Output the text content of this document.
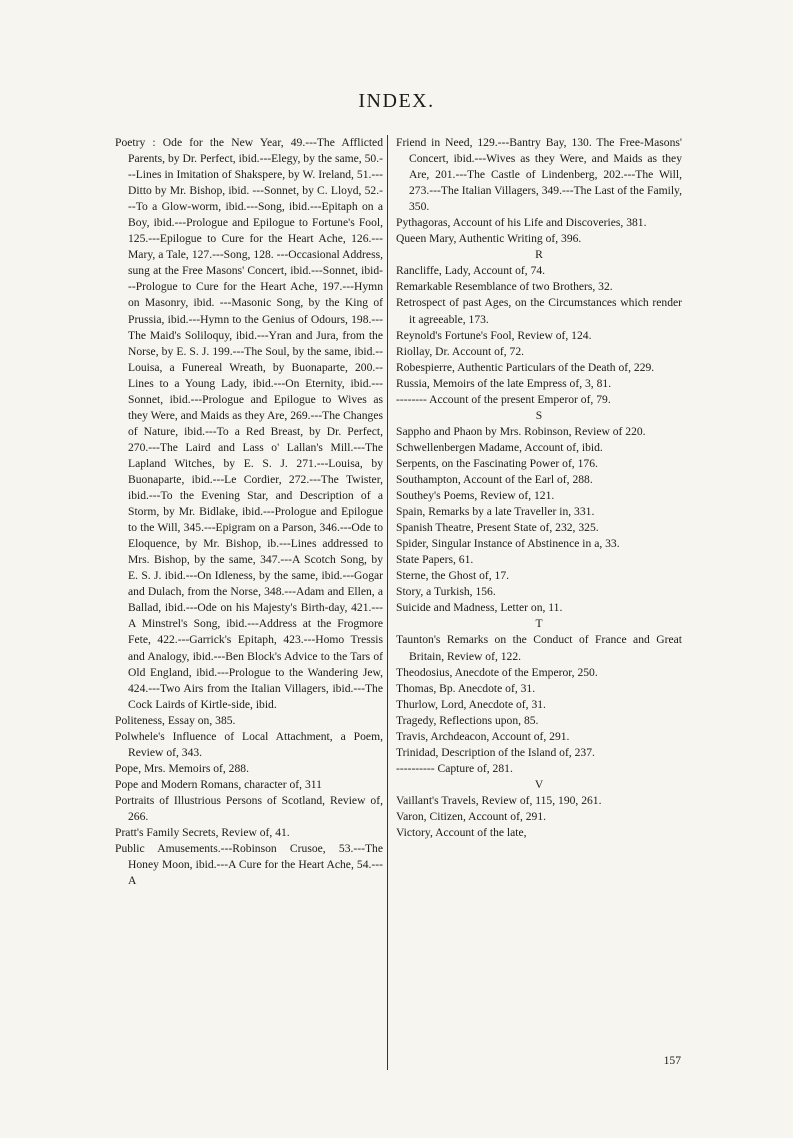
INDEX.

Poetry : Ode for the New Year, 49.---The Afflicted Parents, by Dr. Perfect, ibid.---Elegy, by the same, 50.---Lines in Imitation of Shakspere, by W. Ireland, 51.---Ditto by Mr. Bishop, ibid. ---Sonnet, by C. Lloyd, 52.---To a Glow-worm, ibid.---Song, ibid.---Epitaph on a Boy, ibid.---Prologue and Epilogue to Fortune's Fool, 125.---Epilogue to Cure for the Heart Ache, 126.---Mary, a Tale, 127.---Song, 128. ---Occasional Address, sung at the Free Masons' Concert, ibid.---Sonnet, ibid---Prologue to Cure for the Heart Ache, 197.---Hymn on Masonry, ibid. ---Masonic Song, by the King of Prussia, ibid.---Hymn to the Genius of Odours, 198.---The Maid's Soliloquy, ibid.---Yran and Jura, from the Norse, by E. S. J. 199.---The Soul, by the same, ibid.--Louisa, a Funereal Wreath, by Buonaparte, 200.--Lines to a Young Lady, ibid.---On Eternity, ibid.---Sonnet, ibid.---Prologue and Epilogue to Wives as they Were, and Maids as they Are, 269.---The Changes of Nature, ibid.---To a Red Breast, by Dr. Perfect, 270.---The Laird and Lass o' Lallan's Mill.---The Lapland Witches, by E. S. J. 271.---Louisa, by Buonaparte, ibid.---Le Cordier, 272.---The Twister, ibid.---To the Evening Star, and Description of a Storm, by Mr. Bidlake, ibid.---Prologue and Epilogue to the Will, 345.---Epigram on a Parson, 346.---Ode to Eloquence, by Mr. Bishop, ib.---Lines addressed to Mrs. Bishop, by the same, 347.---A Scotch Song, by E. S. J. ibid.---On Idleness, by the same, ibid.---Gogar and Dulach, from the Norse, 348.---Adam and Ellen, a Ballad, ibid.---Ode on his Majesty's Birth-day, 421.---A Minstrel's Song, ibid.---Address at the Frogmore Fete, 422.---Garrick's Epitaph, 423.---Homo Tressis and Analogy, ibid.---Ben Block's Advice to the Tars of Old England, ibid.---Prologue to the Wandering Jew, 424.---Two Airs from the Italian Villagers, ibid.---The Cock Lairds of Kirtle-side, ibid.

Politeness, Essay on, 385.

Polwhele's Influence of Local Attachment, a Poem, Review of, 343.

Pope, Mrs. Memoirs of, 288.

Pope and Modern Romans, character of, 311

Portraits of Illustrious Persons of Scotland, Review of, 266.

Pratt's Family Secrets, Review of, 41.

Public Amusements.---Robinson Crusoe, 53.---The Honey Moon, ibid.---A Cure for the Heart Ache, 54.---A

Friend in Need, 129.---Bantry Bay, 130. The Free-Masons' Concert, ibid.---Wives as they Were, and Maids as they Are, 201.---The Castle of Lindenberg, 202.---The Will, 273.---The Italian Villagers, 349.---The Last of the Family, 350.

Pythagoras, Account of his Life and Discoveries, 381.

Queen Mary, Authentic Writing of, 396.

R

Rancliffe, Lady, Account of, 74.

Remarkable Resemblance of two Brothers, 32.

Retrospect of past Ages, on the Circumstances which render it agreeable, 173.

Reynold's Fortune's Fool, Review of, 124.

Riollay, Dr. Account of, 72.

Robespierre, Authentic Particulars of the Death of, 229.

Russia, Memoirs of the late Empress of, 3, 81.

-------- Account of the present Emperor of, 79.

S

Sappho and Phaon by Mrs. Robinson, Review of 220.

Schwellenbergen Madame, Account of, ibid.

Serpents, on the Fascinating Power of, 176.

Southampton, Account of the Earl of, 288.

Southey's Poems, Review of, 121.

Spain, Remarks by a late Traveller in, 331.

Spanish Theatre, Present State of, 232, 325.

Spider, Singular Instance of Abstinence in a, 33.

State Papers, 61.

Sterne, the Ghost of, 17.

Story, a Turkish, 156.

Suicide and Madness, Letter on, 11.

T

Taunton's Remarks on the Conduct of France and Great Britain, Review of, 122.

Theodosius, Anecdote of the Emperor, 250.

Thomas, Bp. Anecdote of, 31.

Thurlow, Lord, Anecdote of, 31.

Tragedy, Reflections upon, 85.

Travis, Archdeacon, Account of, 291.

Trinidad, Description of the Island of, 237.

---------- Capture of, 281.

V

Vaillant's Travels, Review of, 115, 190, 261.

Varon, Citizen, Account of, 291.

Victory, Account of the late,

157
